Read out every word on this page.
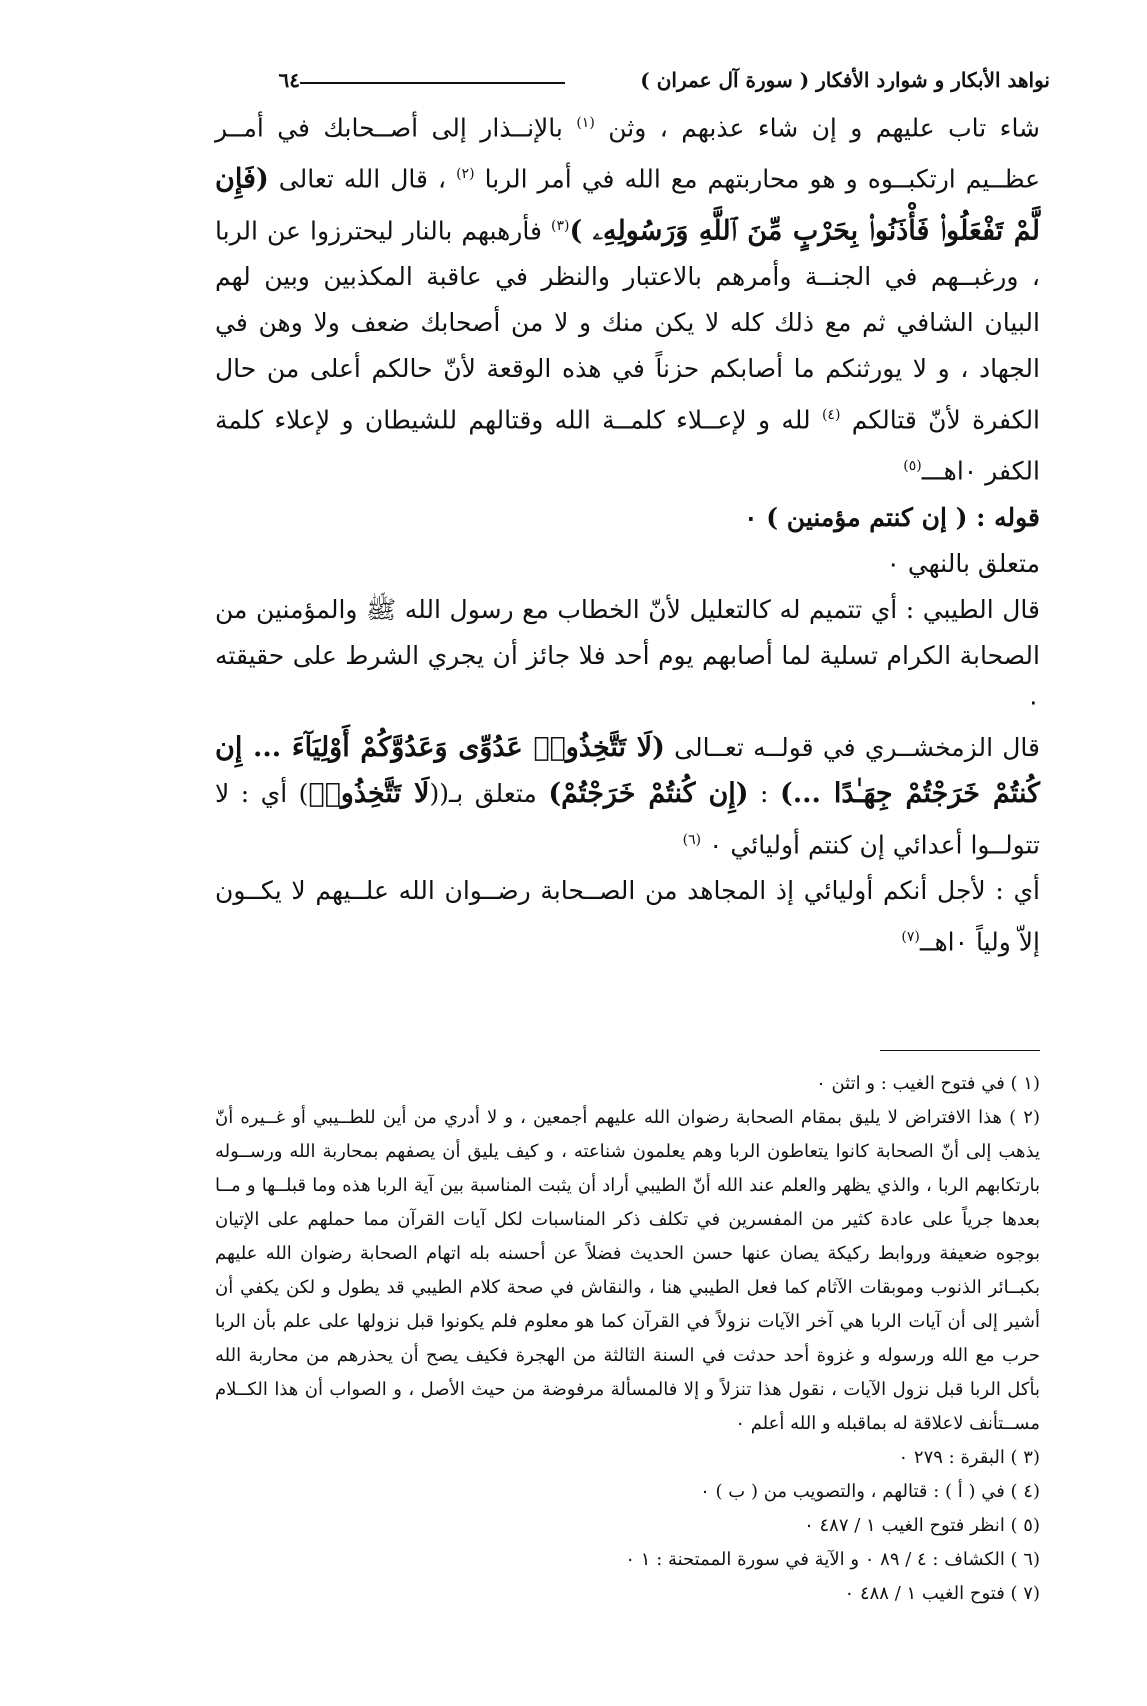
نواهد الأبكار و شوارد الأفكار ( سورة آل عمران )
٦٤

شاء تاب عليهم و إن شاء عذبهم ، وثن $^{(١)}$ بالإنــذار إلى أصــحابك في أمــر عظــيم ارتكبــوه و هو محاربتهم مع الله في أمر الربا $^{(٢)}$ ، قال الله تعالى (فَإِن لَّمْ تَفْعَلُوا۟ فَأْذَنُوا۟ بِحَرْبٍ مِّنَ ٱللَّهِ وَرَسُولِهِۦ )$^{(٣)}$ فأرهبهم بالنار ليحترزوا عن الربا ، ورغبــهم في الجنــة وأمرهم بالاعتبار والنظر في عاقبة المكذبين وبين لهم البيان الشافي ثم مع ذلك كله لا يكن منك و لا من أصحابك ضعف ولا وهن في الجهاد ، و لا يورثنكم ما أصابكم حزناً في هذه الوقعة لأنّ حالكم أعلى من حال الكفرة لأنّ قتالكم $^{(٤)}$ لله و لإعــلاء كلمــة الله وقتالهم للشيطان و لإعلاء كلمة الكفر ٠اهـــ$^{(٥)}$

قوله : ( إن كنتم مؤمنين ) ٠

متعلق بالنهي ٠

قال الطيبي : أي تتميم له كالتعليل لأنّ الخطاب مع رسول الله ﷺ والمؤمنين من الصحابة الكرام تسلية لما أصابهم يوم أحد فلا جائز أن يجري الشرط على حقيقته ٠

قال الزمخشــري في قولــه تعــالى (لَا تَتَّخِذُوا۟ عَدُوِّى وَعَدُوَّكُمْ أَوْلِيَآءَ ... إِن كُنتُمْ خَرَجْتُمْ جِهَـٰدًا ...) : (إِن كُنتُمْ خَرَجْتُمْ) متعلق بـ((لَا تَتَّخِذُوا۟) أي : لا تتولــوا أعدائي إن كنتم أوليائي ٠ $^{(٦)}$

أي : لأجل أنكم أوليائي إذ المجاهد من الصــحابة رضــوان الله علــيهم لا يكــون إلاّ ولياً ٠اهــ$^{(٧)}$

(١ ) في فتوح الغيب : و اتثن ٠

(٢ ) هذا الافتراض لا يليق بمقام الصحابة رضوان الله عليهم أجمعين ، و لا أدري من أين للطــيبي أو غــيره أنّ يذهب إلى أنّ الصحابة كانوا يتعاطون الربا وهم يعلمون شناعته ، و كيف يليق أن يصفهم بمحاربة الله ورســوله بارتكابهم الربا ، والذي يظهر والعلم عند الله أنّ الطيبي أراد أن يثبت المناسبة بين آية الربا هذه وما قبلــها و مــا بعدها جرياً على عادة كثير من المفسرين في تكلف ذكر المناسبات لكل آيات القرآن مما حملهم على الإتيان بوجوه ضعيفة وروابط ركيكة يصان عنها حسن الحديث فضلاً عن أحسنه بله اتهام الصحابة رضوان الله عليهم بكبــائر الذنوب وموبقات الآثام كما فعل الطيبي هنا ، والنقاش في صحة كلام الطيبي قد يطول و لكن يكفي أن أشير إلى أن آيات الربا هي آخر الآيات نزولاً في القرآن كما هو معلوم فلم يكونوا قبل نزولها على علم بأن الربا حرب مع الله ورسوله و غزوة أحد حدثت في السنة الثالثة من الهجرة فكيف يصح أن يحذرهم من محاربة الله بأكل الربا قبل نزول الآيات ، نقول هذا تنزلاً و إلا فالمسألة مرفوضة من حيث الأصل ، و الصواب أن هذا الكــلام مســتأنف لاعلاقة له بماقبله و الله أعلم ٠

(٣ ) البقرة : ٢٧٩ ٠

(٤ ) في ( أ ) : قتالهم ، والتصويب من ( ب ) ٠

(٥ ) انظر فتوح الغيب ١ / ٤٨٧ ٠

(٦ ) الكشاف : ٤ / ٨٩ ٠ و الآية في سورة الممتحنة : ١ ٠

(٧ ) فتوح الغيب ١ / ٤٨٨ ٠
